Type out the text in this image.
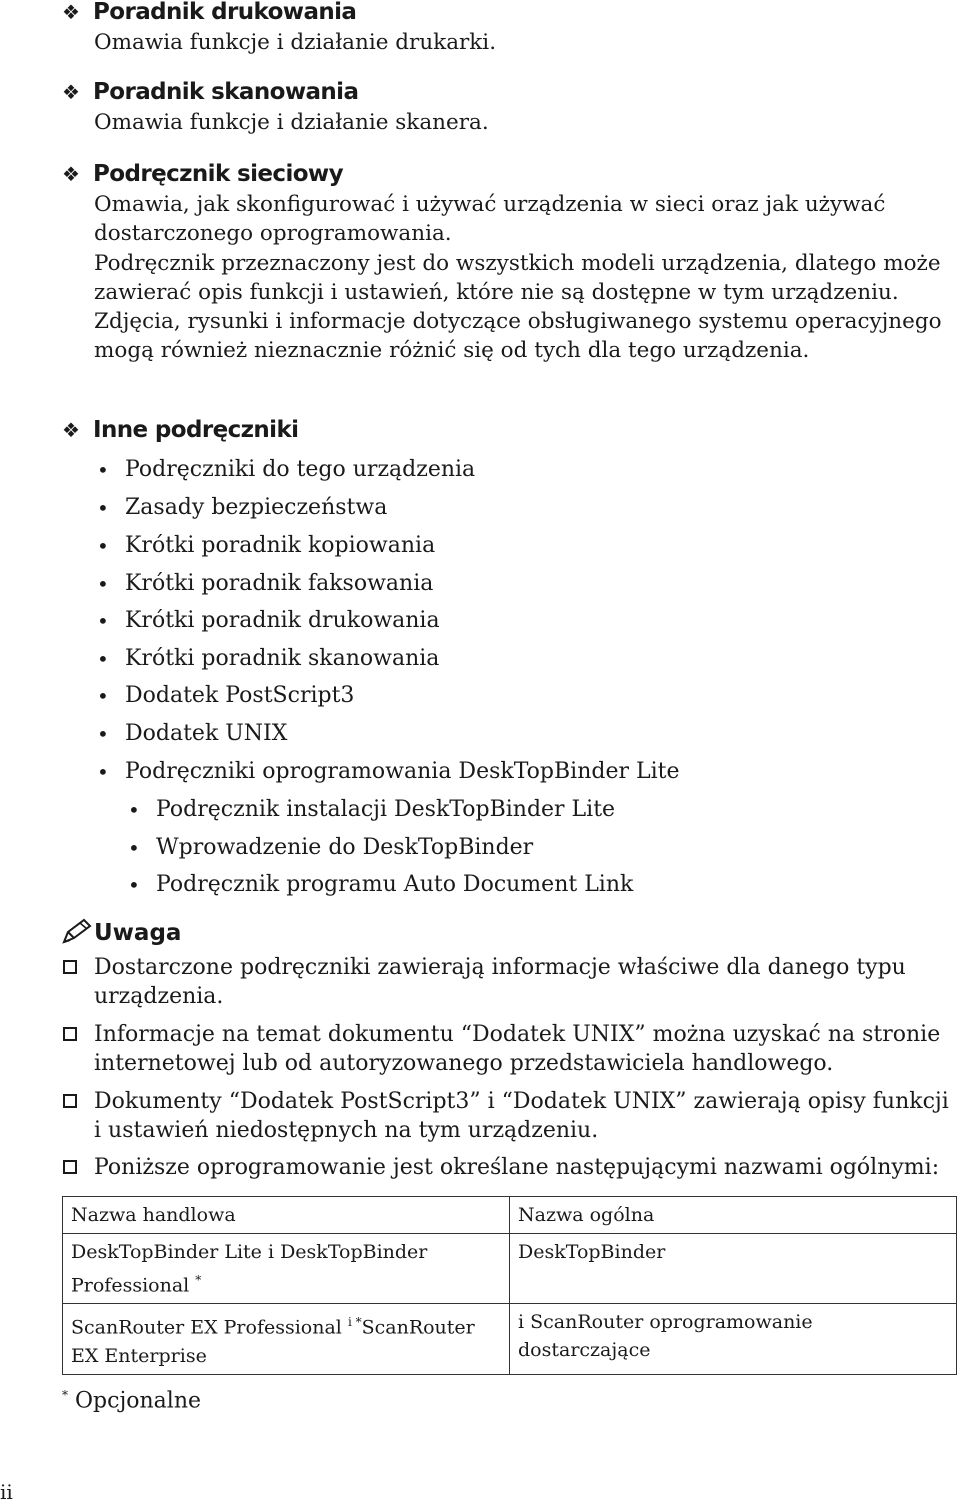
❖ Poradnik drukowania
Omawia funkcje i działanie drukarki.
❖ Poradnik skanowania
Omawia funkcje i działanie skanera.
❖ Podręcznik sieciowy
Omawia, jak skonfigurować i używać urządzenia w sieci oraz jak używać dostarczonego oprogramowania.
Podręcznik przeznaczony jest do wszystkich modeli urządzenia, dlatego może zawierać opis funkcji i ustawień, które nie są dostępne w tym urządzeniu. Zdjęcia, rysunki i informacje dotyczące obsługiwanego systemu operacyjnego mogą również nieznacznie różnić się od tych dla tego urządzenia.
❖ Inne podręczniki
• Podręczniki do tego urządzenia
• Zasady bezpieczeństwa
• Krótki poradnik kopiowania
• Krótki poradnik faksowania
• Krótki poradnik drukowania
• Krótki poradnik skanowania
• Dodatek PostScript3
• Dodatek UNIX
• Podręczniki oprogramowania DeskTopBinder Lite
• Podręcznik instalacji DeskTopBinder Lite
• Wprowadzenie do DeskTopBinder
• Podręcznik programu Auto Document Link
Uwaga
Dostarczone podręczniki zawierają informacje właściwe dla danego typu urządzenia.
Informacje na temat dokumentu “Dodatek UNIX” można uzyskać na stronie internetowej lub od autoryzowanego przedstawiciela handlowego.
Dokumenty “Dodatek PostScript3” i “Dodatek UNIX” zawierają opisy funkcji i ustawień niedostępnych na tym urządzeniu.
Poniższe oprogramowanie jest określane następującymi nazwami ogólnymi:
Nazwa handlowa	Nazwa ogólna
DeskTopBinder Lite i DeskTopBinder Professional *	DeskTopBinder
ScanRouter EX Professional $^{i *}$ScanRouter EX Enterprise	i ScanRouter oprogramowanie dostarczające
* Opcjonalne
ii
